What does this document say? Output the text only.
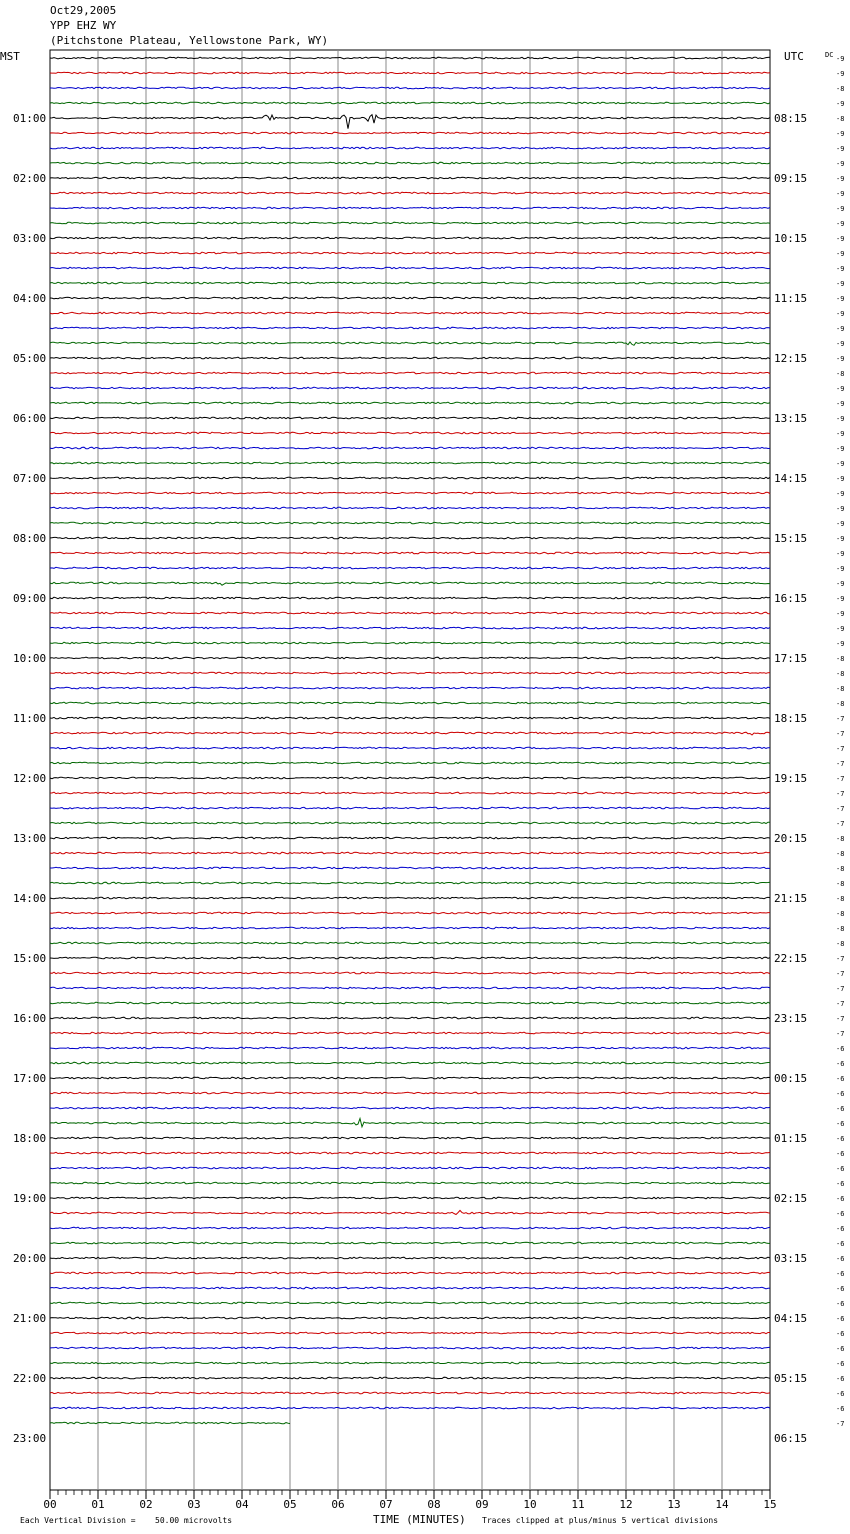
Oct29,2005
YPP EHZ WY
(Pitchstone Plateau, Yellowstone Park, WY)
00	01	02	03	04	05	06	07	08	09	10	11	12	13	14	15
-9
-9
-8
-9
-8
-9
-9
-9
-9
-9
-9
-9
-9
-9
-9
-9
-9
-9
-9
-9
-9
-8
-9
-9
-9
-9
-9
-9
-9
-9
-9
-9
-9
-9
-9
-9
-9
-9
-9
-9
-8
-8
-8
-8
-7
-7
-7
-7
-7
-7
-7
-7
-8
-8
-8
-8
-8
-8
-8
-8
-7
-7
-7
-7
-7
-7
-6
-6
-6
-6
-6
-6
-6
-6
-6
-6
-6
-6
-6
-6
-6
-6
-6
-6
-6
-6
-6
-6
-6
-6
-6
-7
01:00	08:15
02:00	09:15
03:00	10:15
04:00	11:15
05:00	12:15
06:00	13:15
07:00	14:15
08:00	15:15
09:00	16:15
10:00	17:15
11:00	18:15
12:00	19:15
13:00	20:15
14:00	21:15
15:00	22:15
16:00	23:15
17:00	00:15
18:00	01:15
19:00	02:15
20:00	03:15
21:00	04:15
22:00	05:15
23:00	06:15
MST	UTC	DC
Each Vertical Division = 50.00 microvolts	TIME (MINUTES) Traces clipped at plus/minus 5 vertical divisions
